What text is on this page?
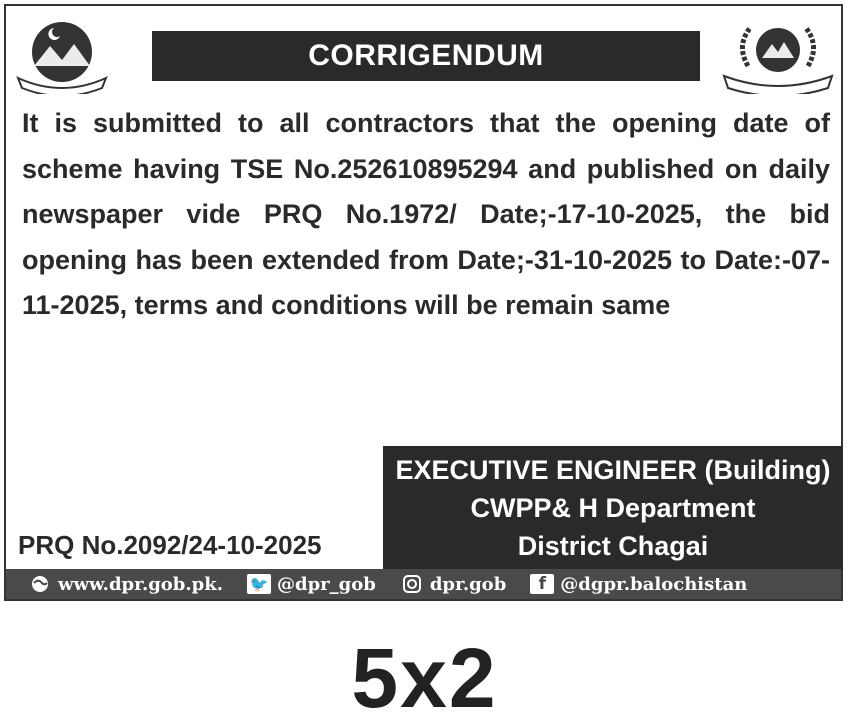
CORRIGENDUM

It is submitted to all contractors that the opening date of scheme having TSE No.252610895294 and published on daily newspaper vide PRQ No.1972/ Date;-17-10-2025, the bid opening has been extended from Date;-31-10-2025 to Date:-07-11-2025, terms and conditions will be remain same

EXECUTIVE ENGINEER (Building)
CWPP& H Department
District Chagai
PRQ No.2092/24-10-2025
www.dpr.gob.pk. 🐦 @dpr_gob	dpr.gob	f @dgpr.balochistan
5x2
